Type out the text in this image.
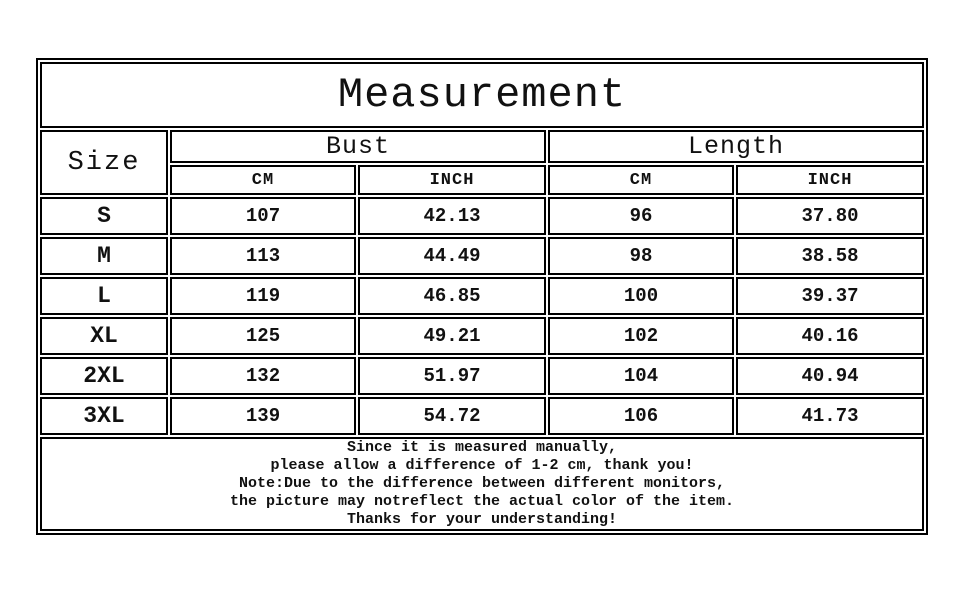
Measurement				
Size	Bust		Length	
	CM	INCH	CM	INCH
S	107	42.13	96	37.80
M	113	44.49	98	38.58
L	119	46.85	100	39.37
XL	125	49.21	102	40.16
2XL	132	51.97	104	40.94
3XL	139	54.72	106	41.73

Since it is measured manually,
please allow a difference of 1-2 cm, thank you!
Note:Due to the difference between different monitors,
the picture may notreflect the actual color of the item.
Thanks for your understanding!				
